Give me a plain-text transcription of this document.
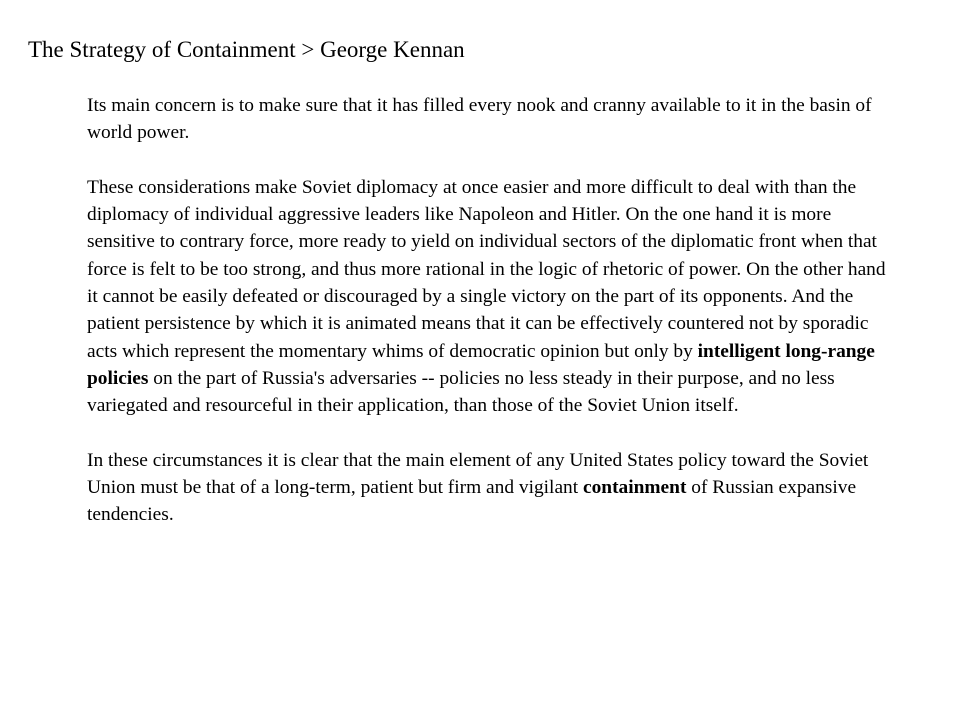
The Strategy of Containment > George Kennan

Its main concern is to make sure that it has filled every nook and cranny available to it in the basin of world power.

These considerations make Soviet diplomacy at once easier and more difficult to deal with than the diplomacy of individual aggressive leaders like Napoleon and Hitler. On the one hand it is more sensitive to contrary force, more ready to yield on individual sectors of the diplomatic front when that force is felt to be too strong, and thus more rational in the logic of rhetoric of power. On the other hand it cannot be easily defeated or discouraged by a single victory on the part of its opponents. And the patient persistence by which it is animated means that it can be effectively countered not by sporadic acts which represent the momentary whims of democratic opinion but only by intelligent long-range policies on the part of Russia's adversaries -- policies no less steady in their purpose, and no less variegated and resourceful in their application, than those of the Soviet Union itself.

In these circumstances it is clear that the main element of any United States policy toward the Soviet Union must be that of a long-term, patient but firm and vigilant containment of Russian expansive tendencies.
